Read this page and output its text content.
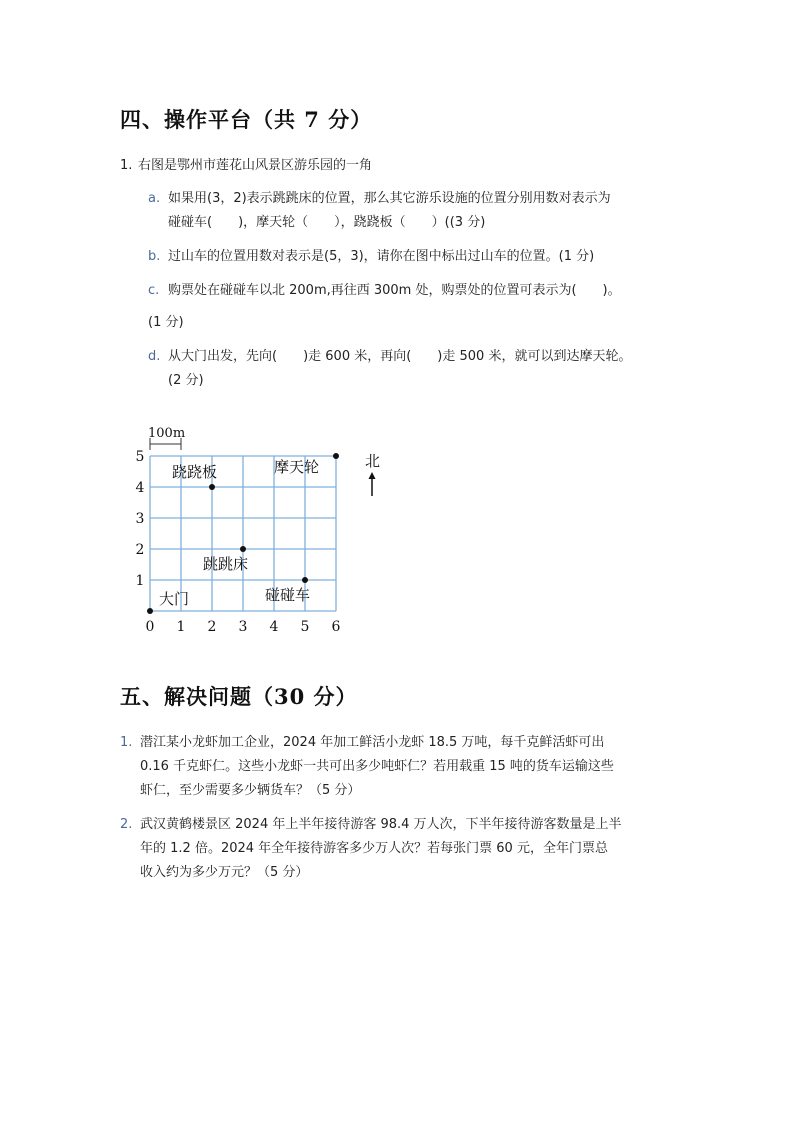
四、操作平台（共 7 分）
1. 右图是鄂州市莲花山风景区游乐园的一角
a. 如果用(3，2)表示跳跳床的位置，那么其它游乐设施的位置分别用数对表示为
碰碰车(　　)，摩天轮（　　），跷跷板（　　）((3 分)
b. 过山车的位置用数对表示是(5，3)，请你在图中标出过山车的位置。(1 分)
c. 购票处在碰碰车以北 200m,再往西 300m 处，购票处的位置可表示为(　　)。
(1 分)
d. 从大门出发，先向(　　)走 600 米，再向(　　)走 500 米，就可以到达摩天轮。
(2 分)
0 1 2 3 4 5 6
1
2
3
4
5
跷跷板	摩天轮
跳跳床
碰碰车
大门
100m
北
五、解决问题（30 分）
1. 潜江某小龙虾加工企业，2024 年加工鲜活小龙虾 18.5 万吨，每千克鲜活虾可出
0.16 千克虾仁。这些小龙虾一共可出多少吨虾仁？若用载重 15 吨的货车运输这些
虾仁，至少需要多少辆货车？（5 分）
2. 武汉黄鹤楼景区 2024 年上半年接待游客 98.4 万人次，下半年接待游客数量是上半
年的 1.2 倍。2024 年全年接待游客多少万人次？若每张门票 60 元，全年门票总
收入约为多少万元？（5 分）
